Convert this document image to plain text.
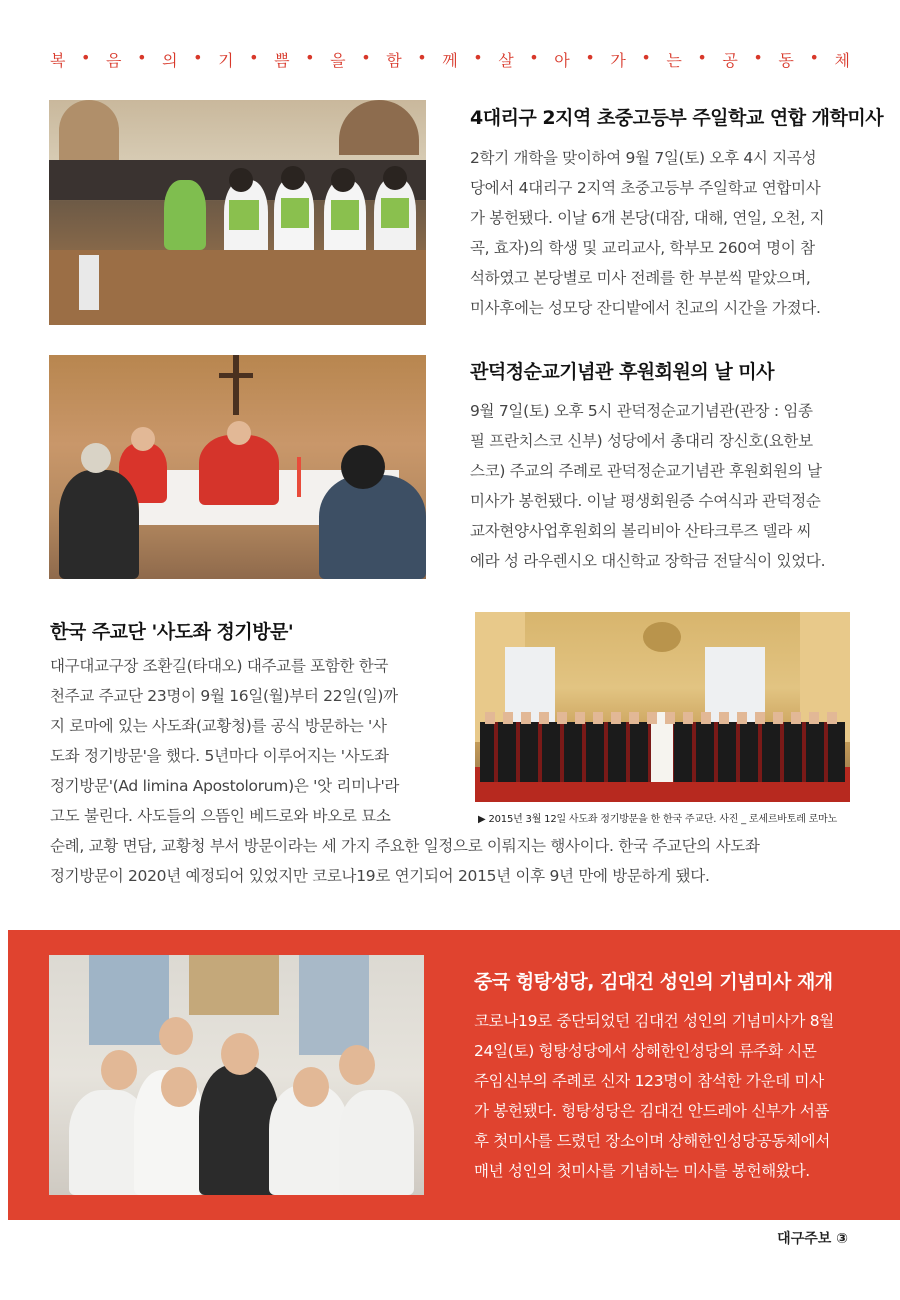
복 • 음 • 의 • 기 • 쁨 • 을 • 함 • 께 • 살 • 아 • 가 • 는 • 공 • 동 • 체
4대리구 2지역 초중고등부 주일학교 연합 개학미사
2학기 개학을 맞이하여 9월 7일(토) 오후 4시 지곡성
당에서 4대리구 2지역 초중고등부 주일학교 연합미사
가 봉헌됐다. 이날 6개 본당(대잠, 대해, 연일, 오천, 지
곡, 효자)의 학생 및 교리교사, 학부모 260여 명이 참
석하였고 본당별로 미사 전례를 한 부분씩 맡았으며,
미사후에는 성모당 잔디밭에서 친교의 시간을 가졌다.
관덕정순교기념관 후원회원의 날 미사
9월 7일(토) 오후 5시 관덕정순교기념관(관장 : 임종
필 프란치스코 신부) 성당에서 총대리 장신호(요한보
스코) 주교의 주례로 관덕정순교기념관 후원회원의 날
미사가 봉헌됐다. 이날 평생회원증 수여식과 관덕정순
교자현양사업후원회의 볼리비아 산타크루즈 델라 씨
에라 성 라우렌시오 대신학교 장학금 전달식이 있었다.
한국 주교단 '사도좌 정기방문'
대구대교구장 조환길(타대오) 대주교를 포함한 한국
천주교 주교단 23명이 9월 16일(월)부터 22일(일)까
지 로마에 있는 사도좌(교황청)를 공식 방문하는 '사
도좌 정기방문'을 했다. 5년마다 이루어지는 '사도좌
정기방문'(Ad limina Apostolorum)은 '앗 리미나'라
고도 불린다. 사도들의 으뜸인 베드로와 바오로 묘소
순례, 교황 면담, 교황청 부서 방문이라는 세 가지 주요한 일정으로 이뤄지는 행사이다. 한국 주교단의 사도좌
정기방문이 2020년 예정되어 있었지만 코로나19로 연기되어 2015년 이후 9년 만에 방문하게 됐다.
▶ 2015년 3월 12일 사도좌 정기방문을 한 한국 주교단. 사진 _ 로세르바토레 로마노
중국 헝탕성당, 김대건 성인의 기념미사 재개
코로나19로 중단되었던 김대건 성인의 기념미사가 8월
24일(토) 헝탕성당에서 상해한인성당의 류주화 시몬
주임신부의 주례로 신자 123명이 참석한 가운데 미사
가 봉헌됐다. 헝탕성당은 김대건 안드레아 신부가 서품
후 첫미사를 드렸던 장소이며 상해한인성당공동체에서
매년 성인의 첫미사를 기념하는 미사를 봉헌해왔다.
대구주보 ③
